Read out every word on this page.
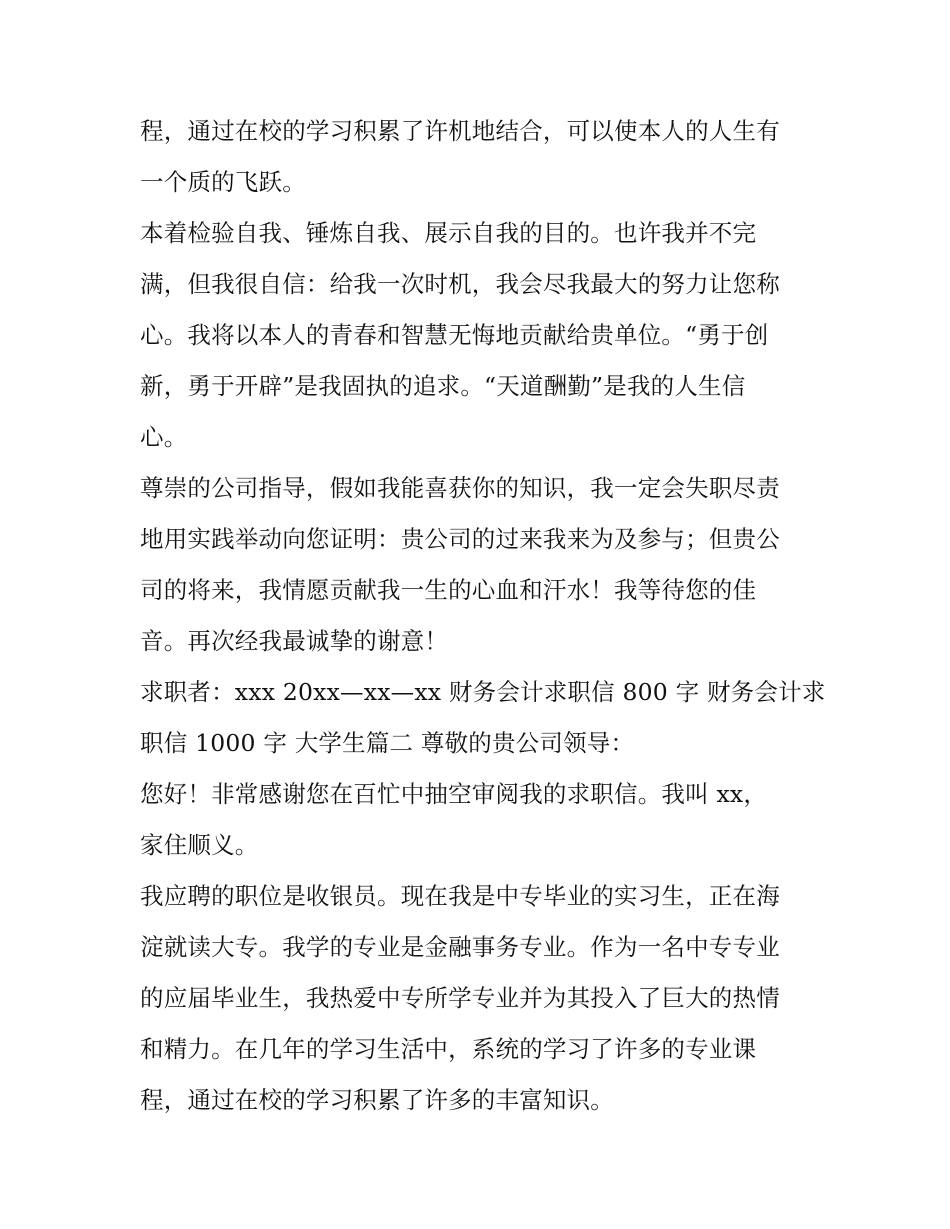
程，通过在校的学习积累了许机地结合，可以使本人的人生有
一个质的飞跃。
本着检验自我、锤炼自我、展示自我的目的。也许我并不完
满，但我很自信：给我一次时机，我会尽我最大的努力让您称
心。我将以本人的青春和智慧无悔地贡献给贵单位。“勇于创
新，勇于开辟”是我固执的追求。“天道酬勤”是我的人生信
心。
尊崇的公司指导，假如我能喜获你的知识，我一定会失职尽责
地用实践举动向您证明：贵公司的过来我来为及参与；但贵公
司的将来，我情愿贡献我一生的心血和汗水！我等待您的佳
音。再次经我最诚挚的谢意！
求职者：xxx 20xx—xx—xx 财务会计求职信 800 字 财务会计求
职信 1000 字 大学生篇二 尊敬的贵公司领导：
您好！非常感谢您在百忙中抽空审阅我的求职信。我叫 xx，
家住顺义。
我应聘的职位是收银员。现在我是中专毕业的实习生，正在海
淀就读大专。我学的专业是金融事务专业。作为一名中专专业
的应届毕业生，我热爱中专所学专业并为其投入了巨大的热情
和精力。在几年的学习生活中，系统的学习了许多的专业课
程，通过在校的学习积累了许多的丰富知识。
